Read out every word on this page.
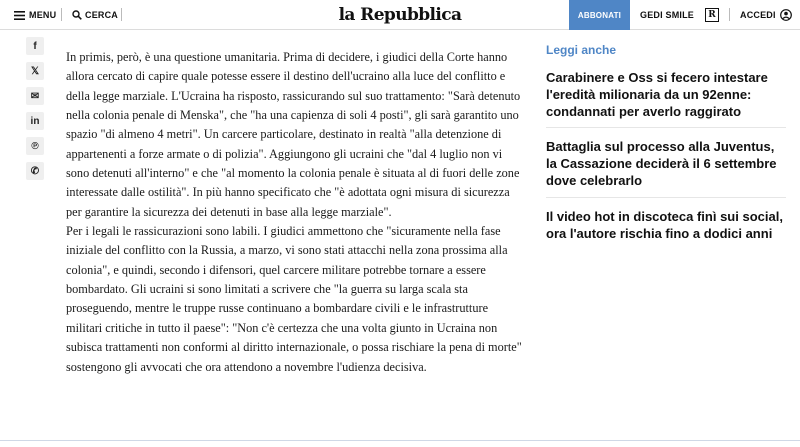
MENU	CERCA	la Repubblica	ABBONATI	GEDI SMILE	R	ACCEDI
f
𝕏
✉
in
℗
✆

In primis, però, è una questione umanitaria. Prima di decidere, i giudici della Corte hanno allora cercato di capire quale potesse essere il destino dell'ucraino alla luce del conflitto e della legge marziale. L'Ucraina ha risposto, rassicurando sul suo trattamento: "Sarà detenuto nella colonia penale di Menska", che "ha una capienza di soli 4 posti", gli sarà garantito uno spazio "di almeno 4 metri". Un carcere particolare, destinato in realtà "alla detenzione di appartenenti a forze armate o di polizia". Aggiungono gli ucraini che "dal 4 luglio non vi sono detenuti all'interno" e che "al momento la colonia penale è situata al di fuori delle zone interessate dalle ostilità". In più hanno specificato che "è adottata ogni misura di sicurezza per garantire la sicurezza dei detenuti in base alla legge marziale".

Per i legali le rassicurazioni sono labili. I giudici ammettono che "sicuramente nella fase iniziale del conflitto con la Russia, a marzo, vi sono stati attacchi nella zona prossima alla colonia", e quindi, secondo i difensori, quel carcere militare potrebbe tornare a essere bombardato. Gli ucraini si sono limitati a scrivere che "la guerra su larga scala sta proseguendo, mentre le truppe russe continuano a bombardare civili e le infrastrutture militari critiche in tutto il paese": "Non c'è certezza che una volta giunto in Ucraina non subisca trattamenti non conformi al diritto internazionale, o possa rischiare la pena di morte" sostengono gli avvocati che ora attendono a novembre l'udienza decisiva.

Leggi anche
Carabinere e Oss si fecero intestare l'eredità milionaria da un 92enne: condannati per averlo raggirato
Battaglia sul processo alla Juventus, la Cassazione deciderà il 6 settembre dove celebrarlo
Il video hot in discoteca finì sui social, ora l'autore rischia fino a dodici anni
